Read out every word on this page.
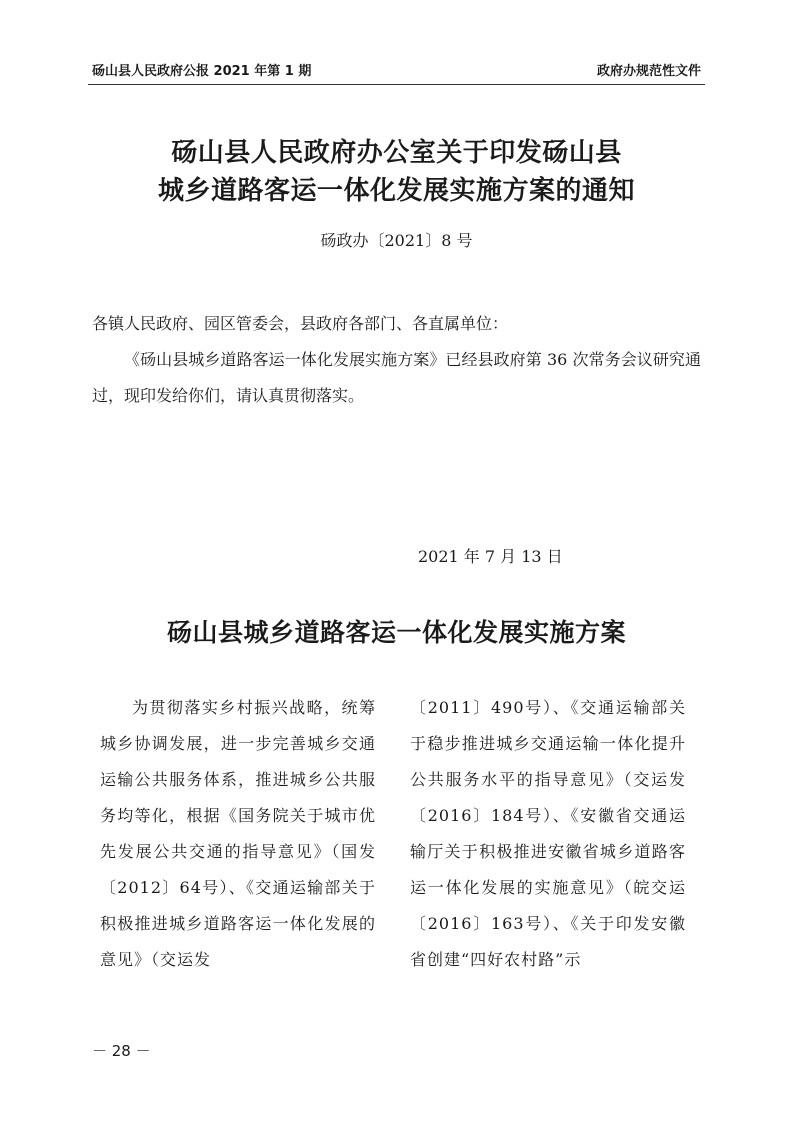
砀山县人民政府公报 2021 年第 1 期	政府办规范性文件
砀山县人民政府办公室关于印发砀山县
城乡道路客运一体化发展实施方案的通知
砀政办〔2021〕8 号
各镇人民政府、园区管委会，县政府各部门、各直属单位：
《砀山县城乡道路客运一体化发展实施方案》已经县政府第 36 次常务会议研究通过，现印发给你们，请认真贯彻落实。
2021 年 7 月 13 日
砀山县城乡道路客运一体化发展实施方案
为贯彻落实乡村振兴战略，统筹城乡协调发展，进一步完善城乡交通运输公共服务体系，推进城乡公共服务均等化，根据《国务院关于城市优先发展公共交通的指导意见》（国发〔2012〕64号）、《交通运输部关于积极推进城乡道路客运一体化发展的意见》（交运发
〔2011〕490号）、《交通运输部关于稳步推进城乡交通运输一体化提升公共服务水平的指导意见》（交运发〔2016〕184号）、《安徽省交通运输厅关于积极推进安徽省城乡道路客运一体化发展的实施意见》（皖交运〔2016〕163号）、《关于印发安徽省创建“四好农村路”示
－ 28 －
